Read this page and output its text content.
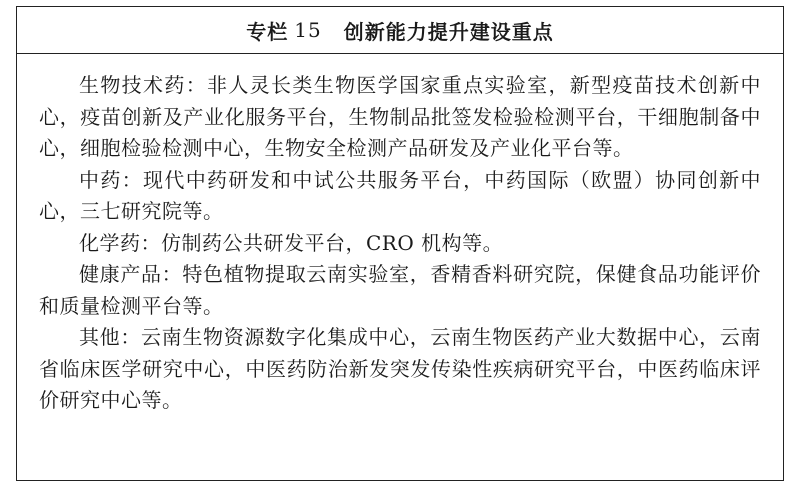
专栏 15 创新能力提升建设重点

生物技术药：非人灵长类生物医学国家重点实验室，新型疫苗技术创新中心，疫苗创新及产业化服务平台，生物制品批签发检验检测平台，干细胞制备中心，细胞检验检测中心，生物安全检测产品研发及产业化平台等。

中药：现代中药研发和中试公共服务平台，中药国际（欧盟）协同创新中心，三七研究院等。

化学药：仿制药公共研发平台，CRO 机构等。

健康产品：特色植物提取云南实验室，香精香料研究院，保健食品功能评价和质量检测平台等。

其他：云南生物资源数字化集成中心，云南生物医药产业大数据中心，云南省临床医学研究中心，中医药防治新发突发传染性疾病研究平台，中医药临床评价研究中心等。
